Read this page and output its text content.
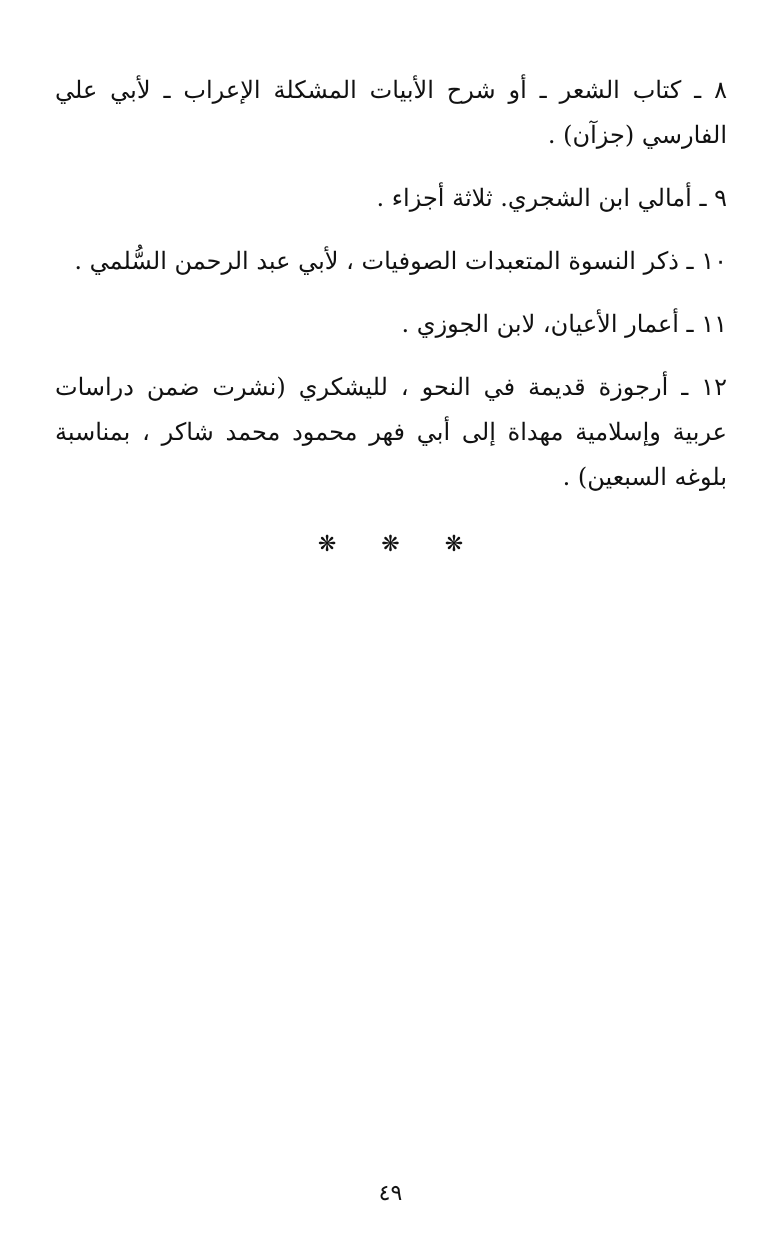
٨ ـ كتاب الشعر ـ أو شرح الأبيات المشكلة الإعراب ـ لأبي علي الفارسي (جزآن) .

٩ ـ أمالي ابن الشجري. ثلاثة أجزاء .

١٠ ـ ذكر النسوة المتعبدات الصوفيات ، لأبي عبد الرحمن السُّلمي .

١١ ـ أعمار الأعيان، لابن الجوزي .

١٢ ـ أرجوزة قديمة في النحو ، لليشكري (نشرت ضمن دراسات عربية وإسلامية مهداة إلى أبي فهر محمود محمد شاكر ، بمناسبة بلوغه السبعين) .

❋ ❋ ❋
٤٩
